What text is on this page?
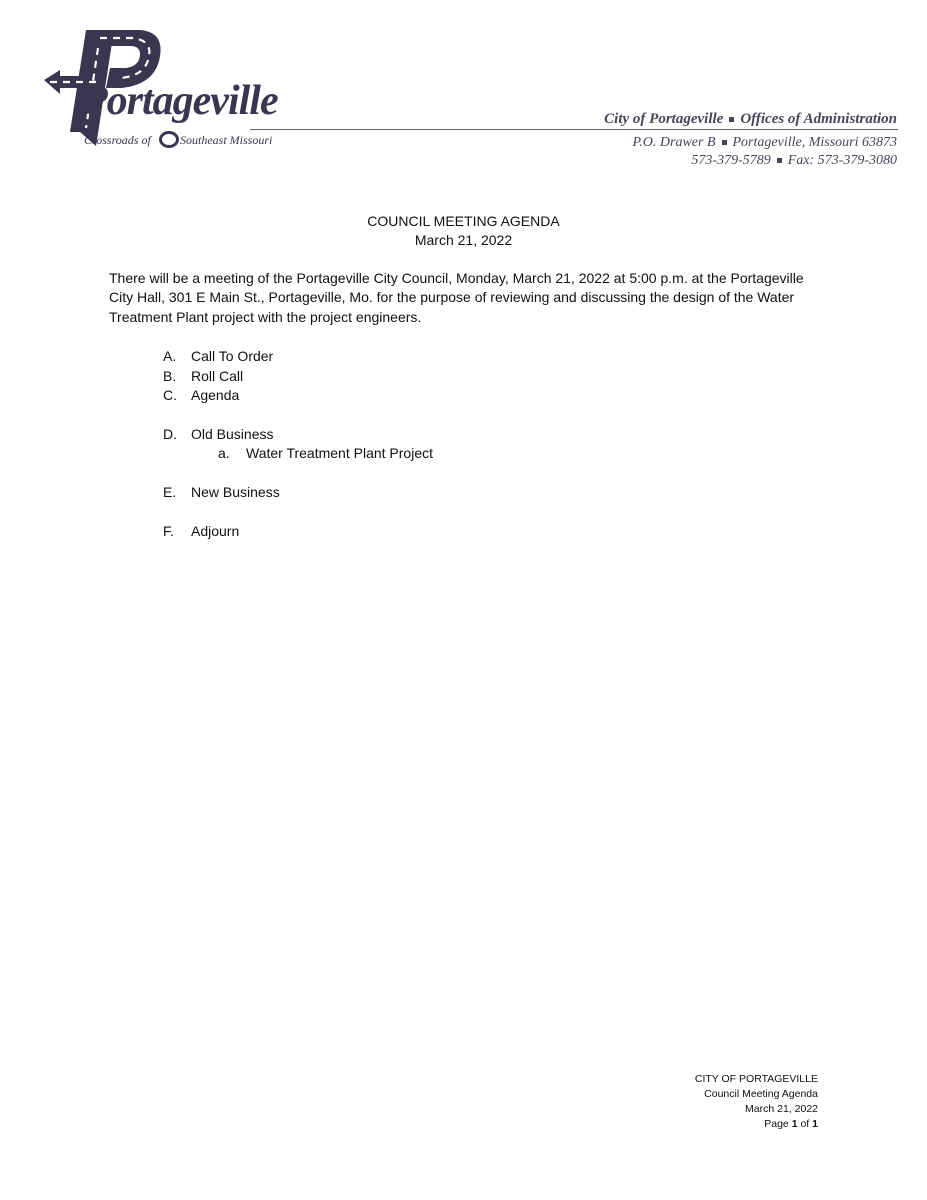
Portageville
Crossroads of Southeast Missouri
City of Portageville Offices of Administration
P.O. Drawer B Portageville, Missouri 63873
573-379-5789 Fax: 573-379-3080
COUNCIL MEETING AGENDA
March 21, 2022
There will be a meeting of the Portageville City Council, Monday, March 21, 2022 at 5:00 p.m. at the Portageville City Hall, 301 E Main St., Portageville, Mo. for the purpose of reviewing and discussing the design of the Water Treatment Plant project with the project engineers.
A. Call To Order
B. Roll Call
C. Agenda
D. Old Business
a. Water Treatment Plant Project
E. New Business
F. Adjourn
CITY OF PORTAGEVILLE
Council Meeting Agenda
March 21, 2022
Page 1 of 1
